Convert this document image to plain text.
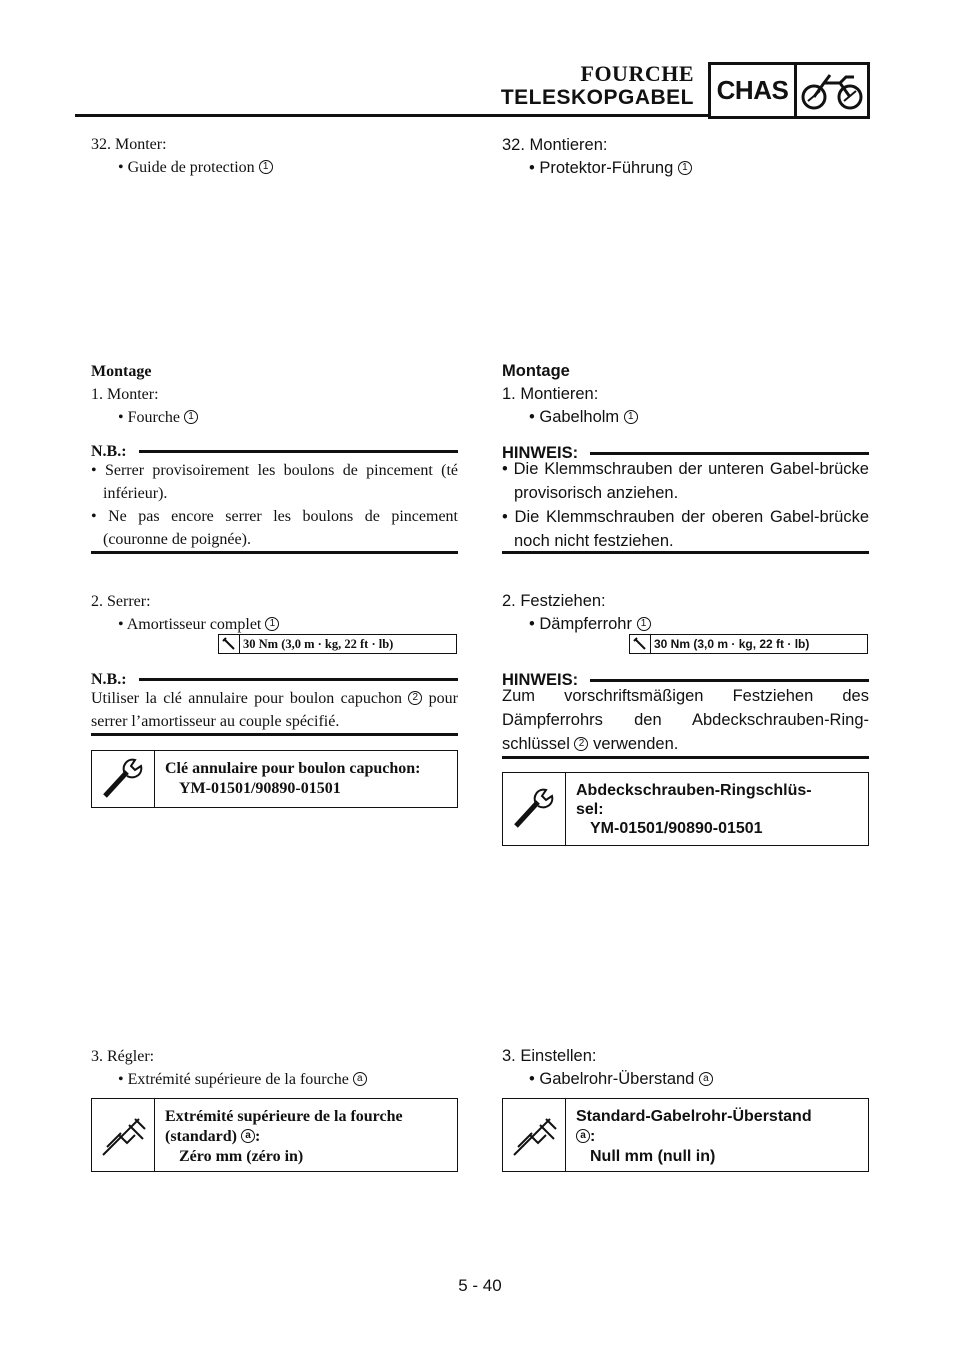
FOURCHE
TELESKOPGABEL CHAS
32. Monter:
• Guide de protection 1
Montage
1. Monter:
• Fourche 1
N.B.:
• Serrer provisoirement les boulons de pincement (té inférieur).
• Ne pas encore serrer les boulons de pincement (couronne de poignée).
2. Serrer:
• Amortisseur complet 1
30 Nm (3,0 m · kg, 22 ft · lb)
N.B.:
Utiliser la clé annulaire pour boulon capuchon 2 pour serrer l’amortisseur au couple spécifié.
Clé annulaire pour boulon capuchon:
YM-01501/90890-01501
3. Régler:
• Extrémité supérieure de la fourche a
Extrémité supérieure de la fourche
(standard) a :
Zéro mm (zéro in)
32. Montieren:
• Protektor-Führung 1
Montage
1. Montieren:
• Gabelholm 1
HINWEIS:
• Die Klemmschrauben der unteren Gabel-brücke provisorisch anziehen.
• Die Klemmschrauben der oberen Gabel-brücke noch nicht festziehen.
2. Festziehen:
• Dämpferrohr 1
30 Nm (3,0 m · kg, 22 ft · lb)
HINWEIS:
Zum vorschriftsmäßigen Festziehen des Dämpferrohrs den Abdeckschrauben-Ring-schlüssel 2 verwenden.
Abdeckschrauben-Ringschlüs-sel:
YM-01501/90890-01501
3. Einstellen:
• Gabelrohr-Überstand a
Standard-Gabelrohr-Überstand
a :
Null mm (null in)
5 - 40
